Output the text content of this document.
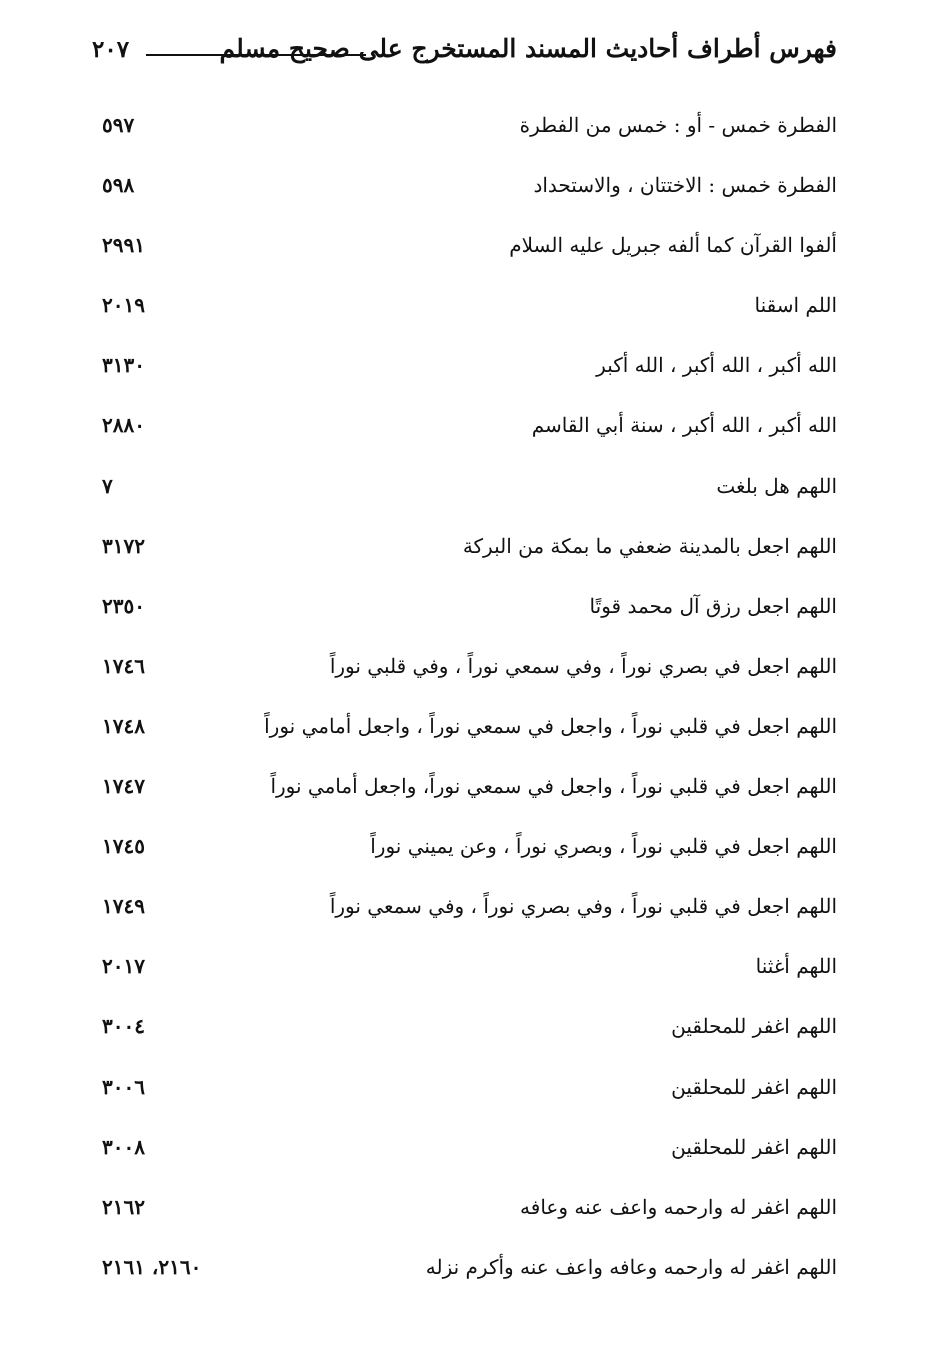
فهرس أطراف أحاديث المسند المستخرج على صحيح مسلم
٢٠٧
الفطرة خمس - أو : خمس من الفطرة
٥٩٧
الفطرة خمس : الاختتان ، والاستحداد
٥٩٨
ألفوا القرآن كما ألفه جبريل عليه السلام
٢٩٩١
اللم اسقنا
٢٠١٩
الله أكبر ، الله أكبر ، الله أكبر
٣١٣٠
الله أكبر ، الله أكبر ، سنة أبي القاسم
٢٨٨٠
اللهم هل بلغت
٧
اللهم اجعل بالمدينة ضعفي ما بمكة من البركة
٣١٧٢
اللهم اجعل رزق آل محمد قوتًا
٢٣٥٠
اللهم اجعل في بصري نوراً ، وفي سمعي نوراً ، وفي قلبي نوراً
١٧٤٦
اللهم اجعل في قلبي نوراً ، واجعل في سمعي نوراً ، واجعل أمامي نوراً
١٧٤٨
اللهم اجعل في قلبي نوراً ، واجعل في سمعي نوراً، واجعل أمامي نوراً
١٧٤٧
اللهم اجعل في قلبي نوراً ، وبصري نوراً ، وعن يميني نوراً
١٧٤٥
اللهم اجعل في قلبي نوراً ، وفي بصري نوراً ، وفي سمعي نوراً
١٧٤٩
اللهم أغثنا
٢٠١٧
اللهم اغفر للمحلقين
٣٠٠٤
اللهم اغفر للمحلقين
٣٠٠٦
اللهم اغفر للمحلقين
٣٠٠٨
اللهم اغفر له وارحمه واعف عنه وعافه
٢١٦٢
اللهم اغفر له وارحمه وعافه واعف عنه وأكرم نزله
٢١٦٠، ٢١٦١
